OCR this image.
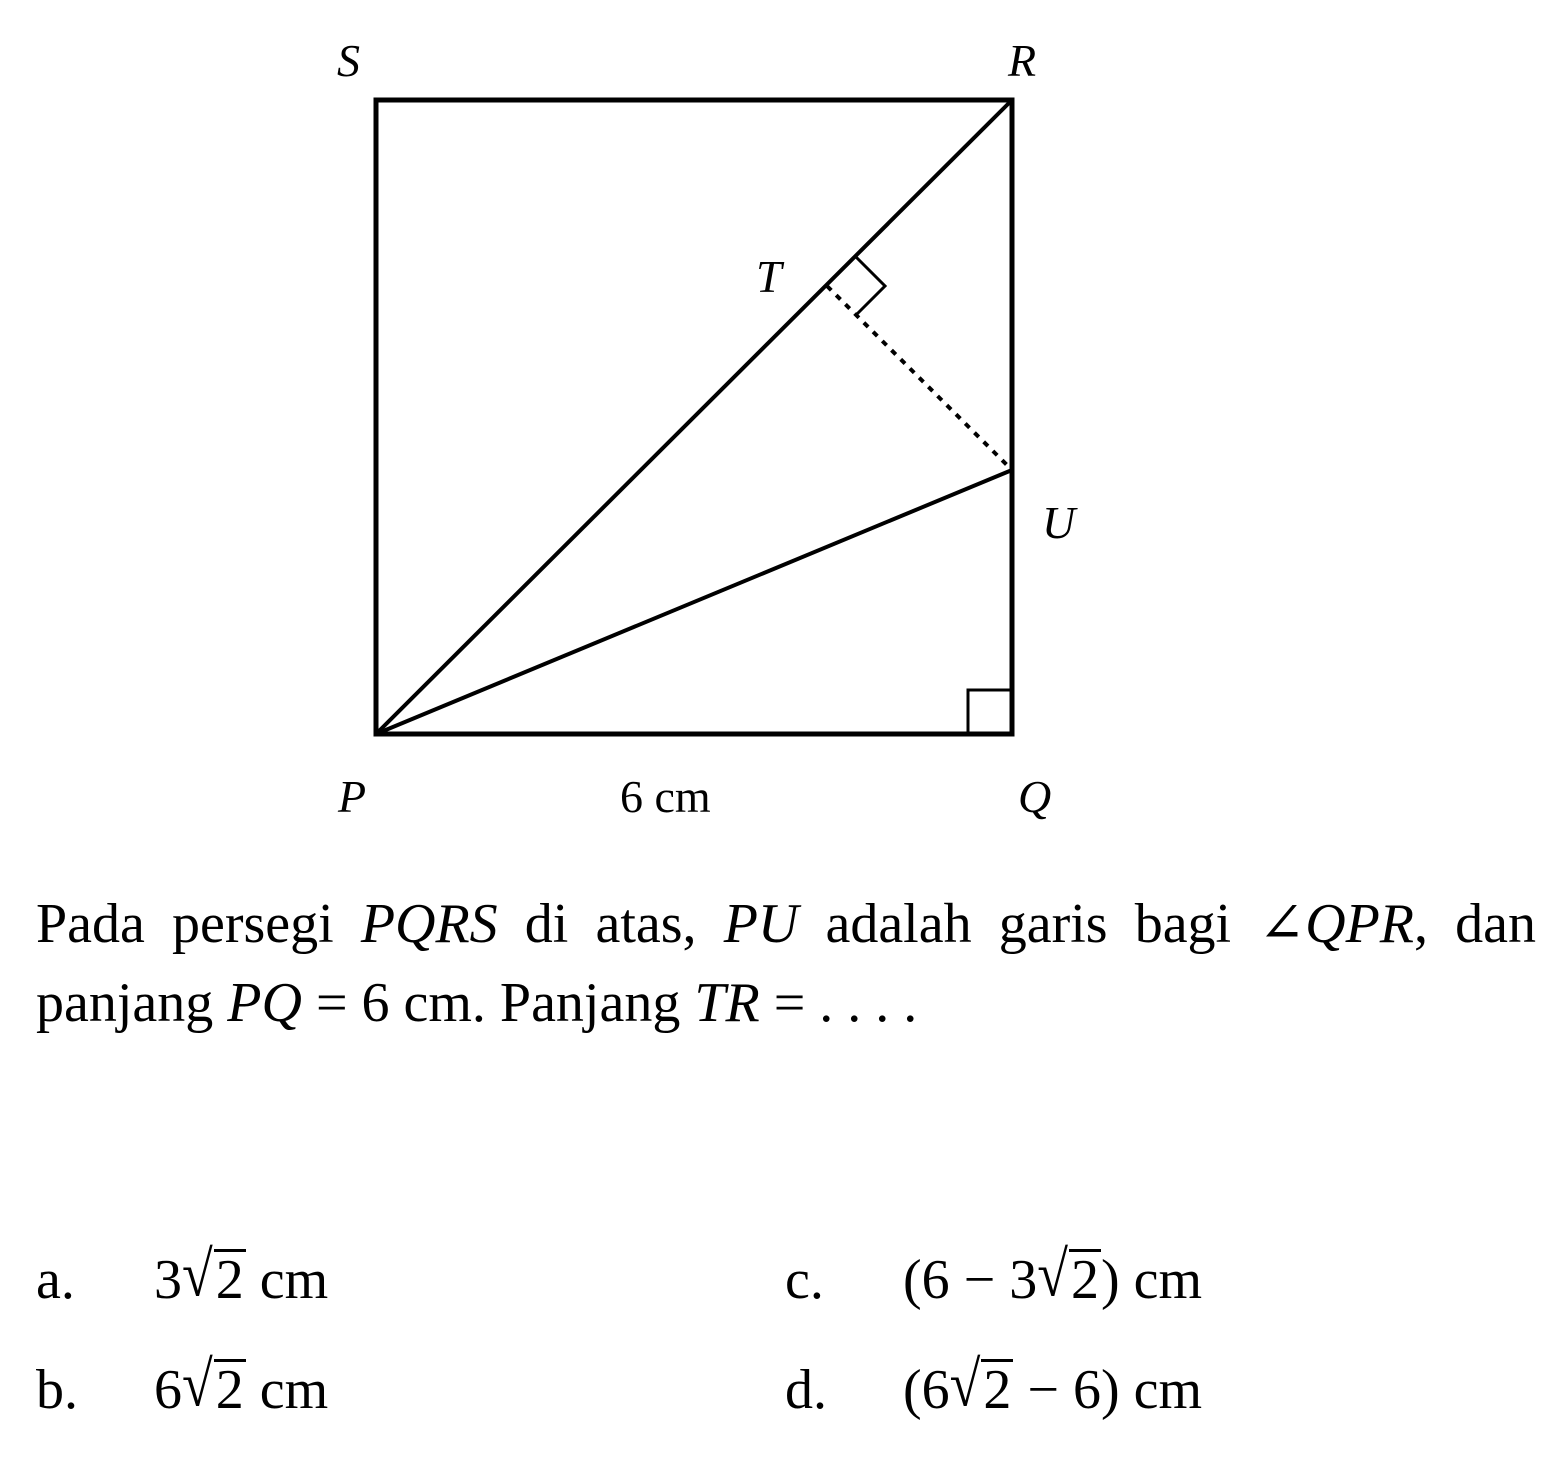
S	R
T
U
P	Q
6 cm
Pada persegi PQRS di atas, PU adalah garis bagi ∠QPR, dan panjang PQ = 6 cm. Panjang TR = . . . .
a. 3√2 cm
b. 6√2 cm
c. (6 − 3√2) cm
d. (6√2 − 6) cm
